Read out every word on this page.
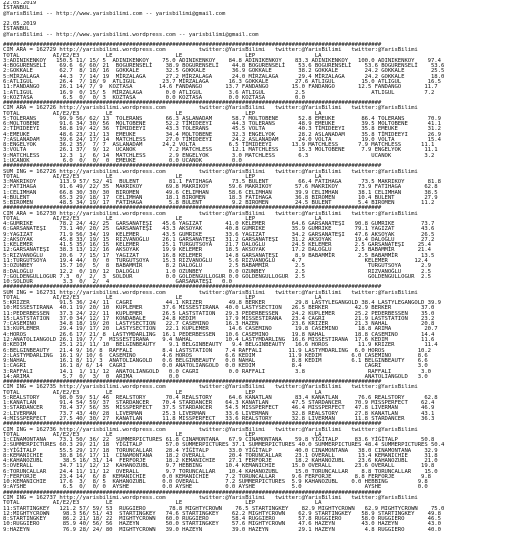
22.05.2019
İSTANBUL
@YarisBilimi -- http://www.yarisbilimi.com -- yarisbilimi@gmail.com

22.05.2019
İSTANBUL
@YarisBilimi -- http://www.yarisbilimi.wordpress.com -- yarisbilimi@gmail.com

##################################################################################################################
CIM ARA = 162729 http://yarisbilimi.wordpress.com          twitter:@YarisBilimi   twitter:@YarisBilimi   twitter:@YarisBilimi
TOTAL          AI/E2/E3        LE                   LE                   LEP                  LA
3:ADINIKENKOY   150.5 11/ 15/ 5  ADINIKENKOY    75.0 ADINIKENKOY    84.8 ADINIKENKOY    83.3 ADINIKENKOY   100.0 ADINIKENKOY    97.4
4:BOGURENSELİ    69.6  6/ 60/ 21  BOGURENSELİ    38.9 BOGURENSELİ    44.8 BOGURENSELİ    53.6 BOGURENSELİ    53.6 BOGURENSELİ    53.6
2:GOKKALE        62.7  8/ 18/ 16  GOKKALE        32.5 GOKKALE        36.9 GOKKALE        38.2 GOKKALE        24.2 GOKKALE        25.5
5:MİRZALAGA      44.3  7/ 14/ 19  MİRZALAGA      27.2 MİRZALAGA      24.0 MİRZALAGA      29.4 MİRZALAGA      24.2 GOKKALE        18.0
6:ATLIGUL        26.4  7/ 18/ 9  ATLIGUL        23.7 MİRZALAGA      16.3 GOKKALE        27.6 ATLIGUL        15.0 ATLIGUL        16.5
11:FANDANGO      26.1 14/ 7/ 9  KOZTASA        14.6 FANDANGO       13.7 FANDANGO       15.0 FANDANGO       12.5 FANDANGO       11.7
1:ATLIGUL        16.9  0/ 15/ 5  MİRZALAGA       0.0 ATLIGUL        3.6 ATLIGUL         2.5                    ATLIGUL         7.2
9:KOZTASA         6.5  0/  0/ 3  KOZTASA         0.0 KOZTASA        0.0 KOZTASA         0.0
##################################################################################################################
CIM ARA = 162726 http://yarisbilimi.wordpress.com          twitter:@YarisBilimi   twitter:@YarisBilimi   twitter:@YarisBilimi
TOTAL          AI/E2/E3        LE                   LE                   LEP                  LA
5:TOLERANS       99.9 56/ 62/ 13  TOLERANS       66.3 ASLANADAM      58.7 MOLTOBENE      52.8 EMEUKE        86.4 TOLERANS       70.9
6:MOLTOBENE      91.6 34/ 30/ 56  MOLTOBENE      52.2 TİMIDEEYI      44.3 TOLERANS       48.9 EMEUKE        39.5 MOLTOBENE      41.1
2:TİMIDEEYI      58.8 19/ 42/ 36  TİMIDEEYI      43.3 TOLERANS       45.5 VOLTA          40.3 TİMIDEEYI     35.8 EMEUKE         31.2
4:EMEUKE         48.6 23/ 21/ 13  EMEUKE         34.4 MOLTOBENE      32.3 ENGELYOK       28.2 ASLANADAM     35.8 TİMIDEEYI      26.9
7:ASLANADAM      39.6 24/ 17/ 14  MATCHLESS      27.0 TİMIDEEYI      24.2 ASLANADAM      24.0 VOLTA         19.0 VOLTA          15.4
8:ENGELYOK       36.2 35/  7/ 7  ASLANADAM      24.2 VOLTA          6.5 TİMIDEEYI      13.9 MATCHLESS      7.9 MATCHLESS      11.1
3:VOLTA          26.1 37/  9/ 12  UCANOK          7.2 MATCHLESS      12.1 MATCHLESS      15.3 MOLTOBENE     7.9 ENGELYOK       11.1
9:MATCHLESS      12.3  1/  6/ 14  MATCHLESS       2.9 ENGELYOK       3.0 MATCHLESS       6.3                   UCANOK          3.2
1:UCANOK          6.0  0/  0/  0  EMEUKE          0.0 UCANOK         0.0
##################################################################################################################
SUM ING = 162726 http://yarisbilimi.wordpress.com          twitter:@YarisBilimi   twitter:@YarisBilimi   twitter:@YarisBilimi
TOTAL          AI/E2/E3        LE                   LE                   LEP                  LA
3:MAKRIKOY       113.9 57/ 52/ 41  BULENT         81.1 FATIHAGA      73.5 BULENT         66.4 FATIHAGA      73.5 MAKRIKOY       81.8
2:FATIHAGA       91.6 49/ 22/ 35  MAKRIKOY       69.8 MAKRIKOY      59.6 MAKRIKOY       57.6 MAKRIKOY      73.9 FATIHAGA       62.8
1:CELIMHAN       66.8 30/ 30/ 30  BIROMEN        49.6 CELIMHAN      58.6 CELIMHAN       39.9 CELIMHAN      38.1 CELIMHAN       38.5
4:BULENT         65.3 29/ 18/ 17  CELIMHAN       18.1 BIROMEN       18.3 FATIHAGA       36.8 BIROMEN       10.4 BULENT         27.9
5:BIROMEN        48.5 34/ 19/ 17  FATIHAGA        5.8 BULENT         9.2 BIROMEN        24.5 BULENT        5.4 BIROMEN        11.2
##################################################################################################################
CIM ARA = 162730 http://yarisbilimi.wordpress.com          twitter:@YarisBilimi   twitter:@YarisBilimi   twitter:@YarisBilimi
TOTAL          AI/E2/E3        LE                   LE                   LEP                  LA
4:GUMRIKE        78.2 24/ 42/ 25  GARSANATEŞI   45.6 YAGIZAT       41.0 KELEMER        64.6 GARSANATEŞI   90.8 GUMRIKE        73.7
6:GARSANATEŞI    73.1 40/ 20/ 25  GARSANATEŞI   43.3 AKSOYAK       40.8 GUMRIKE        35.9 GUMRIKE       79.1 YAGIZAT        43.6
9:YAGIZAT        71.9 56/ 34/ 19  KELEMER       43.5 GUMRIKE       33.6 YAGIZAT        34.2 GARSANATEŞI   47.6 AKSOYAK        26.5
2:AKSOYAK        45.8 33/ 19/ 15  RIZVANOĞLU    26.1 GARSANATEŞI   31.2 GARSANATEŞI    31.2 AKSOYAK       19.4 DALOĞLU        27.2
1:KELEMER        41.5 35/ 16/ 15  KELEMER       25.1 TURGUTSOYA    21.7 DALOĞLU        24.5 KELEMER       2.5 GARSANATEŞI    25.4
12:GARSANATEŞI   38.3 13/ 12/ 16  AKSOYAK       19.9 KELEMER       18.5 AKSOYAK        17.2 DALOĞLU       2.5 BABAMMİR       21.4
5:RIZVANOĞLU     20.6  7/ 15/ 17  YAGIZAT       16.8 KELEMER       14.8 GARSANATEŞI     8.9 BABAMMİR       2.5 BABAMMİR       13.5
11:TURGUTSOYA    19.4 44/  0/  0  TURGUTSOYA    15.3 RIZVANOĞLU     5.6 RIZVANOĞLU     4.7                   KELEMER        12.4
3:OZUNBEY        15.7 10/  5/  8  BABAMMİR       8.2 DALOĞLU        2.5 BABAMMİR        2.5                   TURGUTSOYA      2.9
8:DALOĞLU        12.2  0/ 10/ 12  DALOĞLU        1.0 OZUNBEY        0.0 OZUNBEY         2.5                   RIZVANOĞLU      2.5
7:GOLDENGULLOGUR 7.3  0/  2/  3  SOLDUR          0.0 GOLDENGULLOGUR 0.0 GOLDENGULLOGUR  2.5                   GOLDENGULLOGUR  2.5
10:SOLDUR         3.3  0/  2/  4                    GARSANATEŞI   0.0
##################################################################################################################
SUM ING = 162731 http://yarisbilimi.wordpress.com          twitter:@YarisBilimi   twitter:@YarisBilimi   twitter:@YarisBilimi
TOTAL          AI/E2/E3        LE                   LE                   LEP                  LA
5:KRIZER         91.5 36/ 24/ 11  CAGRI          44.1 KRIZER        49.8 BERKER         29.8 LASTYLEGANGOLD 38.4 LASTYLEGANGOLD 39.9
10:MISSESTIRANA  40.1 19/ 20/ 10  KUPLEMER      37.6 MISSESTIRANA  40.0 LASTYSECTION   26.5 BERKER        42.9 BERKER         37.0
11:PEDERBESSEN   37.3 24/ 22/ 11  KUPLEMER      26.5 LASTSTATION   29.3 PEDERBESSEN    24.2 KUPLEMER      25.2 PEDERBESSEN    35.0
15:LASTSTATION   37.0 34/ 12/ 17  KONDABALE     24.8 KEDIM         17.9 MISSESTIRANA   23.4 CAGRI         21.9 LASTSTATION    23.2
7:CASEMINO       34.8 18/ 19/ 20  LASTYSECTION   22.7 CASEMINO     16.3 HAZEN          23.6 KRIZER        21.3 NAHAL          20.8
13:KUPLEMER      29.4 19/ 17/ 20  LASTYSECTION   22.1 KUPLEMER      14.6 CASEMINO       19.8 CASEMINO      18.8 ARIMA          20.7
4:HOROS          26.6 17/ 21/ 8  LASTYMDARLING  16.1 PEDERBESSEN   10.6 CASEMINO       19.8 NAHAL         18.8 CASEMINO       14.4
12:ANATOLIANGOLD 26.1 19/ 7/ 7  MISSESTIRANA    9.4 NAHAL          10.4 LASTYMDARLING  16.6 MISSESTIRANA  17.6 KEDIM          11.6
8:KEDIM          25.1 21/ 11/ 10  BELGINBEAUTY    9.1 BELGINBEAUTY   9.4 BELGINBEAUTY   16.6 HOROS         11.9 KRIZER         11.4
6:BELGINBEAUTY   21.4 9/ 16/ 8  RAFFALI         8.4 LASTSTATION    7.4 RAFFALI        11.9 LASTYMDARLING  6.0 HOROS          10.2
2:LASTYMDARLING  16.1 9/ 10/ 6  CASEMINO        4.6 HOROS          6.6 KEDIM          11.9 KEDIM         6.0 CASEMINO        8.6
9:NAHAL          16.1 8/ 11/ 3  ANATOLIANGOLD   0.6 BELGINBEAUTY   0.0 NAHAL           8.8 KEDIM         6.1 BELGINBEAUTY    6.6
1:CAGRI          16.1 8/ 6/ 14  CAGRI           0.0 ANATOLIANGOLD  0.0 KEDIM           8.4                   CAGRI           3.0
3:RAFFALI        14.1  1/ 11/ 12  ANATOLIANGOLD   0.0 CAGRI         0.0 RAFFALI         3.8                   RAFFALI         3.0
14:ARIMA          5.7  0/  3/  0  ARIMA           0.0                                                        ANATOLIANGOLD   3.0
##################################################################################################################
CIM ING = 162735 http://yarisbilimi.wordpress.com          twitter:@YarisBilimi   twitter:@YarisBilimi   twitter:@YarisBilimi
TOTAL          AI/E2/E3        LE                   LE                   LEP                  LA
5:REALSTORY      98.0 59/ 51/ 46  REALSTORY      70.4 REALSTORY     64.6 KANATLAN       83.4 KANATLAN      76.6 REALSTORY      62.8
1:KANATLAN       91.4 54/ 59/ 37  STARDANCER    70.4 STARDANCER    64.3 KANATLAN       47.5 STARDANCER    70.9 MISSPERFECT    62.4
3:STARDANCER     78.4 37/ 56/ 35  MISSPERFECT   37.5 STARDANCER    54.5 MISSPERFECT    46.4 MISSPERFECT   47.8 LIVERMAN       46.9
2:LIVERMAN       73.7 43/ 40/ 28  LIVERMAN      25.3 LIVERMAN      33.6 LIVERMAN       32.8 REALSTORY     27.8 KANATLAN       43.1
4:MISSPERFECT    27.5 40/ 30/ 27  KANATLAN      11.8 MISSPERFECT   33.6 REALSTORY      32.8 LIVERMAN      11.8 STARDANCER     36.3
##################################################################################################################
CIM ING = 162736 http://yarisbilimi.wordpress.com          twitter:@YarisBilimi   twitter:@YarisBilimi   twitter:@YarisBilimi
TOTAL          AI/E2/E3        LE                   LE                   LEP                  LA
1:CINAMONTANA    73.1 50/ 36/ 22  SUMMERPICTURES 61.8 CINAMONTANA   67.9 CINAMONTANA    59.8 YİĞİTALP     83.6 YİĞİTALP       50.8
2:SUMMERPICTURES 60.3 29/ 21/ 18  YİĞİTALP       57.0 SUMMERPICTURES 37.1 SUMMERPICTURES 40.0 SUMMERPICTURES 48.4 SUMMERPICTURES 50.4
3:YİĞİTALP       55.5 29/ 17/ 18  TORUNCALLAR    28.4 YİĞİTALP      33.0 YİĞİTALP       40.0 CINAMONTANA   38.0 CINAMONTANA    32.9
8:KEMANICHIE     38.8 16/ 17/ 11  CINAMONTANA    18.2 OVERALL       20.4 TORUNCALLAR    23.1 OVERALL       13.4 KEMANICHIE     31.8
4:KAHANOZUBL      38.5 16/ 31/ 14  FERFORJE      18.2 KEMANICHIE    27.1 FERFORJE       18.2 KAHANOZUBL    23.6 KAHANOZUBL     21.0
5:OVERALL        34.7 11/ 12/ 12  KAHANOZUBL     9.7 HEBBING       10.4 KEMANICHIE     15.0 OVERALL       23.6 OVERALL        19.8
6:TORUNCALLAR    24.4 11/ 11/ 12  OVERALL        9.7 TORUNCALLAR    10.4 KAHANOZUBL     15.0 TORUNCALLAR    8.8 TORUNCALLAR    15.0
7:FERFORJE       23.4 14/  6/ 8  KEMANICHIE     0.0 KEMANICHIE     7.2 TORUNCALLAR     9.6 FERFORJE       8.8 FERFORJE        9.8
10:KEMANICHIE    17.6  3/  8/ 5  KAHANOZUBL     0.0 OVERALL        7.2 SUMMERPICTURES  5.9 KAHANOZUBL    0.0 HEBBING         9.8
9:AYSHE           6.5  0/  0/ 0  AYSHE          0.0 AYSHE          0.0 AYSHE           5.0                   AYSHE           0.0
##################################################################################################################
CIM ING = 162737 http://yarisbilimi.wordpress.com          twitter:@YarisBilimi   twitter:@YarisBilimi   twitter:@YarisBilimi
TOTAL          AI/E2/E3        LE                   LE                   LEP                  LA
11:STARTINGKEY   121.2 57/ 59/ 53  RUGGIERO       78.8 MIGHTYCROWN    76.5 STARTINGKEY    82.9 MIGHTYCROWN   62.9 MIGHTYCROWN    75.0
12:MIGHTYCROWN    98.3 56/ 51/ 43  STARTINGKEY   74.6 STARTINGKEY    62.2 MIGHTYCROWN    62.9 STARTINGKEY   58.9 STARTINGKEY    49.8
8:STARTINGKEY     86.2 21/ 18/ 22  MIGHTYCROWN   60.0 RUGGIERO       58.4 RUGGIERO       57.8 RUGGIERO      58.0 RUGGIERO       46.5
10:RUGGIERO       85.9 40/ 56/ 56  HAZEYN        50.0 STARTINGKEY    57.6 MIGHTYCROWN    47.6 HAZEYN        43.0 HAZEYN         43.0
9:HAZEYN          76.9 28/ 24/ 80  MIGHTYCROWN   39.0 HAZEYN         39.0 HAZEYN         29.1 HAZEYN         4.8 RUGGIERO       40.0
